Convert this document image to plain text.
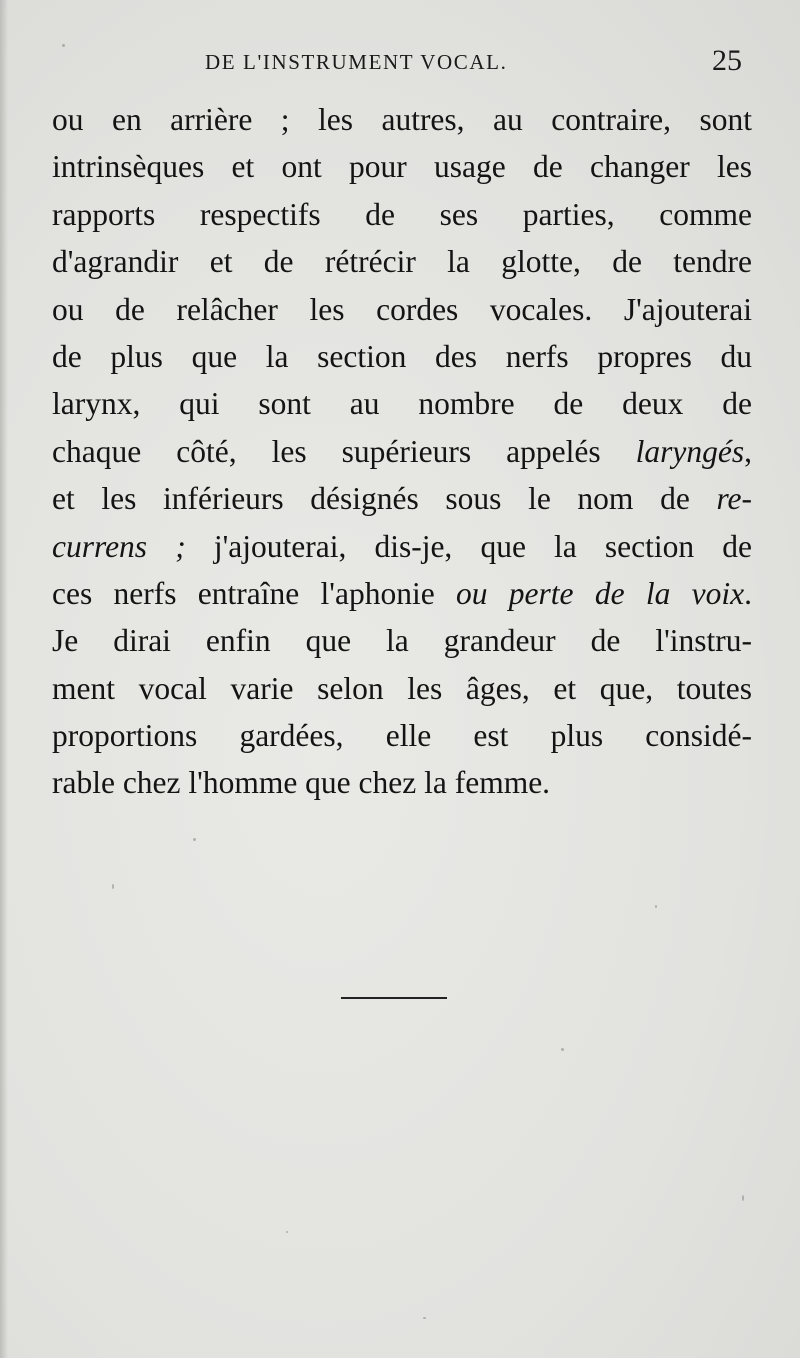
DE L'INSTRUMENT VOCAL.	25
ou en arrière ; les autres, au contraire, sont
intrinsèques et ont pour usage de changer les
rapports respectifs de ses parties, comme
d'agrandir et de rétrécir la glotte, de tendre
ou de relâcher les cordes vocales. J'ajouterai
de plus que la section des nerfs propres du
larynx, qui sont au nombre de deux de
chaque côté, les supérieurs appelés laryngés,
et les inférieurs désignés sous le nom de re-
currens ; j'ajouterai, dis-je, que la section de
ces nerfs entraîne l'aphonie ou perte de la voix.
Je dirai enfin que la grandeur de l'instru-
ment vocal varie selon les âges, et que, toutes
proportions gardées, elle est plus considé-
rable chez l'homme que chez la femme.
